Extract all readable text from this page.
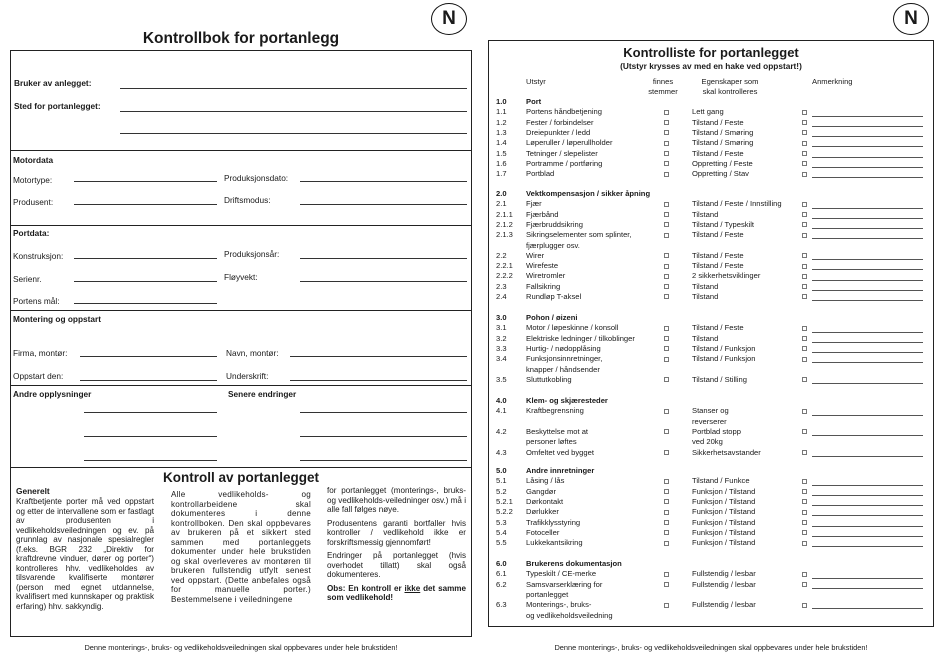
N	N
Kontrollbok for portanlegg
Bruker av anlegget:
Sted for portanlegget:
Motordata
Motortype:	Produksjonsdato:
Produsent:	Driftsmodus:
Portdata:
Konstruksjon:	Produksjonsår:
Serienr.	Fløyvekt:
Portens mål:
Montering og oppstart
Firma, montør:	Navn, montør:
Oppstart den:	Underskrift:
Andre opplysninger	Senere endringer
Kontroll av portanlegget
Generelt
Kraftbetjente porter må ved oppstart og etter de intervallene som er fastlagt av produsenten i vedlikeholdsveiledningen og ev. på grunnlag av nasjonale spesialregler (f.eks. BGR 232 „Direktiv for kraftdrevne vinduer, dører og porter“) kontrolleres hhv. vedlikeholdes av tilsvarende kvalifiserte montører (person med egnet utdannelse, kvalifisert med kunnskaper og praktisk erfaring) hhv. sakkyndig.
Alle vedlikeholds- og kontrollarbeidene skal dokumenteres i denne kontrollboken. Den skal oppbevares av brukeren på et sikkert sted sammen med portanleggets dokumenter under hele brukstiden og skal overleveres av montøren til brukeren fullstendig utfylt senest ved oppstart. (Dette anbefales også for manuelle porter.) Bestemmelsene i veiledningene

for portanlegget (monterings-, bruks- og vedlikeholds-veiledninger osv.) må i alle fall følges nøye.

Produsentens garanti bortfaller hvis kontroller / vedlikehold ikke er forskriftsmessig gjennomført!

Endringer på portanlegget (hvis overhodet tillatt) skal også dokumenteres.

Obs: En kontroll er ikke det samme som vedlikehold!

Denne monterings-, bruks- og vedlikeholdsveiledningen skal oppbevares under hele brukstiden!
Kontrolliste for portanlegget
(Utstyr krysses av med en hake ved oppstart!)
Utstyr	finnes
stemmer
Egenskaper som
skal kontrolleres
Anmerkning
1.0	Port
1.1	Portens håndbetjening	Lett gang
1.2	Fester / forbindelser	Tilstand / Feste
1.3	Dreiepunkter / ledd	Tilstand / Smøring
1.4	Løperuller / løperullholder	Tilstand / Smøring
1.5	Tetninger / slepelister	Tilstand / Feste
1.6	Portramme / portføring	Oppretting / Feste
1.7	Portblad	Oppretting / Stav
2.0	Vektkompensasjon / sikker åpning
2.1	Fjær	Tilstand / Feste / Innstilling
2.1.1 Fjærbånd	Tilstand
2.1.2 Fjærbruddsikring	Tilstand / Typeskilt
2.1.3 Sikringselementer som splinter,	Tilstand / Feste
fjærplugger osv.
2.2	Wirer	Tilstand / Feste
2.2.1 Wirefeste	Tilstand / Feste
2.2.2 Wiretromler	2 sikkerhetsviklinger
2.3	Fallsikring	Tilstand
2.4	Rundløp T-aksel	Tilstand
3.0	Pohon / øizeni
3.1	Motor / løpeskinne / konsoll	Tilstand / Feste
3.2	Elektriske ledninger / tilkoblinger	Tilstand
3.3	Hurtig- / nødopplåsing	Tilstand / Funksjon
3.4	Funksjonsinnretninger,	Tilstand / Funksjon
knapper / håndsender
3.5	Sluttutkobling	Tilstand / Stilling
4.0	Klem- og skjæresteder
4.1	Kraftbegrensning	Stanser og
reverserer
4.2	Beskyttelse mot at	Portblad stopp
personer løftes	ved 20kg
4.3	Omfeltet ved bygget	Sikkerhetsavstander
5.0	Andre innretninger
5.1	Låsing / lås	Tilstand / Funkce
5.2	Gangdør	Funksjon / Tilstand
5.2.1 Dørkontakt	Funksjon / Tilstand
5.2.2 Dørlukker	Funksjon / Tilstand
5.3	Trafikklysstyring	Funksjon / Tilstand
5.4	Fotoceller	Funksjon / Tilstand
5.5	Lukkekantsikring	Funksjon / Tilstand
6.0	Brukerens dokumentasjon
6.1	Typeskilt / CE-merke	Fullstendig / lesbar
6.2	Samsvarserklæring for	Fullstendig / lesbar
portanlegget
6.3	Monterings-, bruks-	Fullstendig / lesbar
og vedlikeholdsveiledning
Denne monterings-, bruks- og vedlikeholdsveiledningen skal oppbevares under hele brukstiden!
